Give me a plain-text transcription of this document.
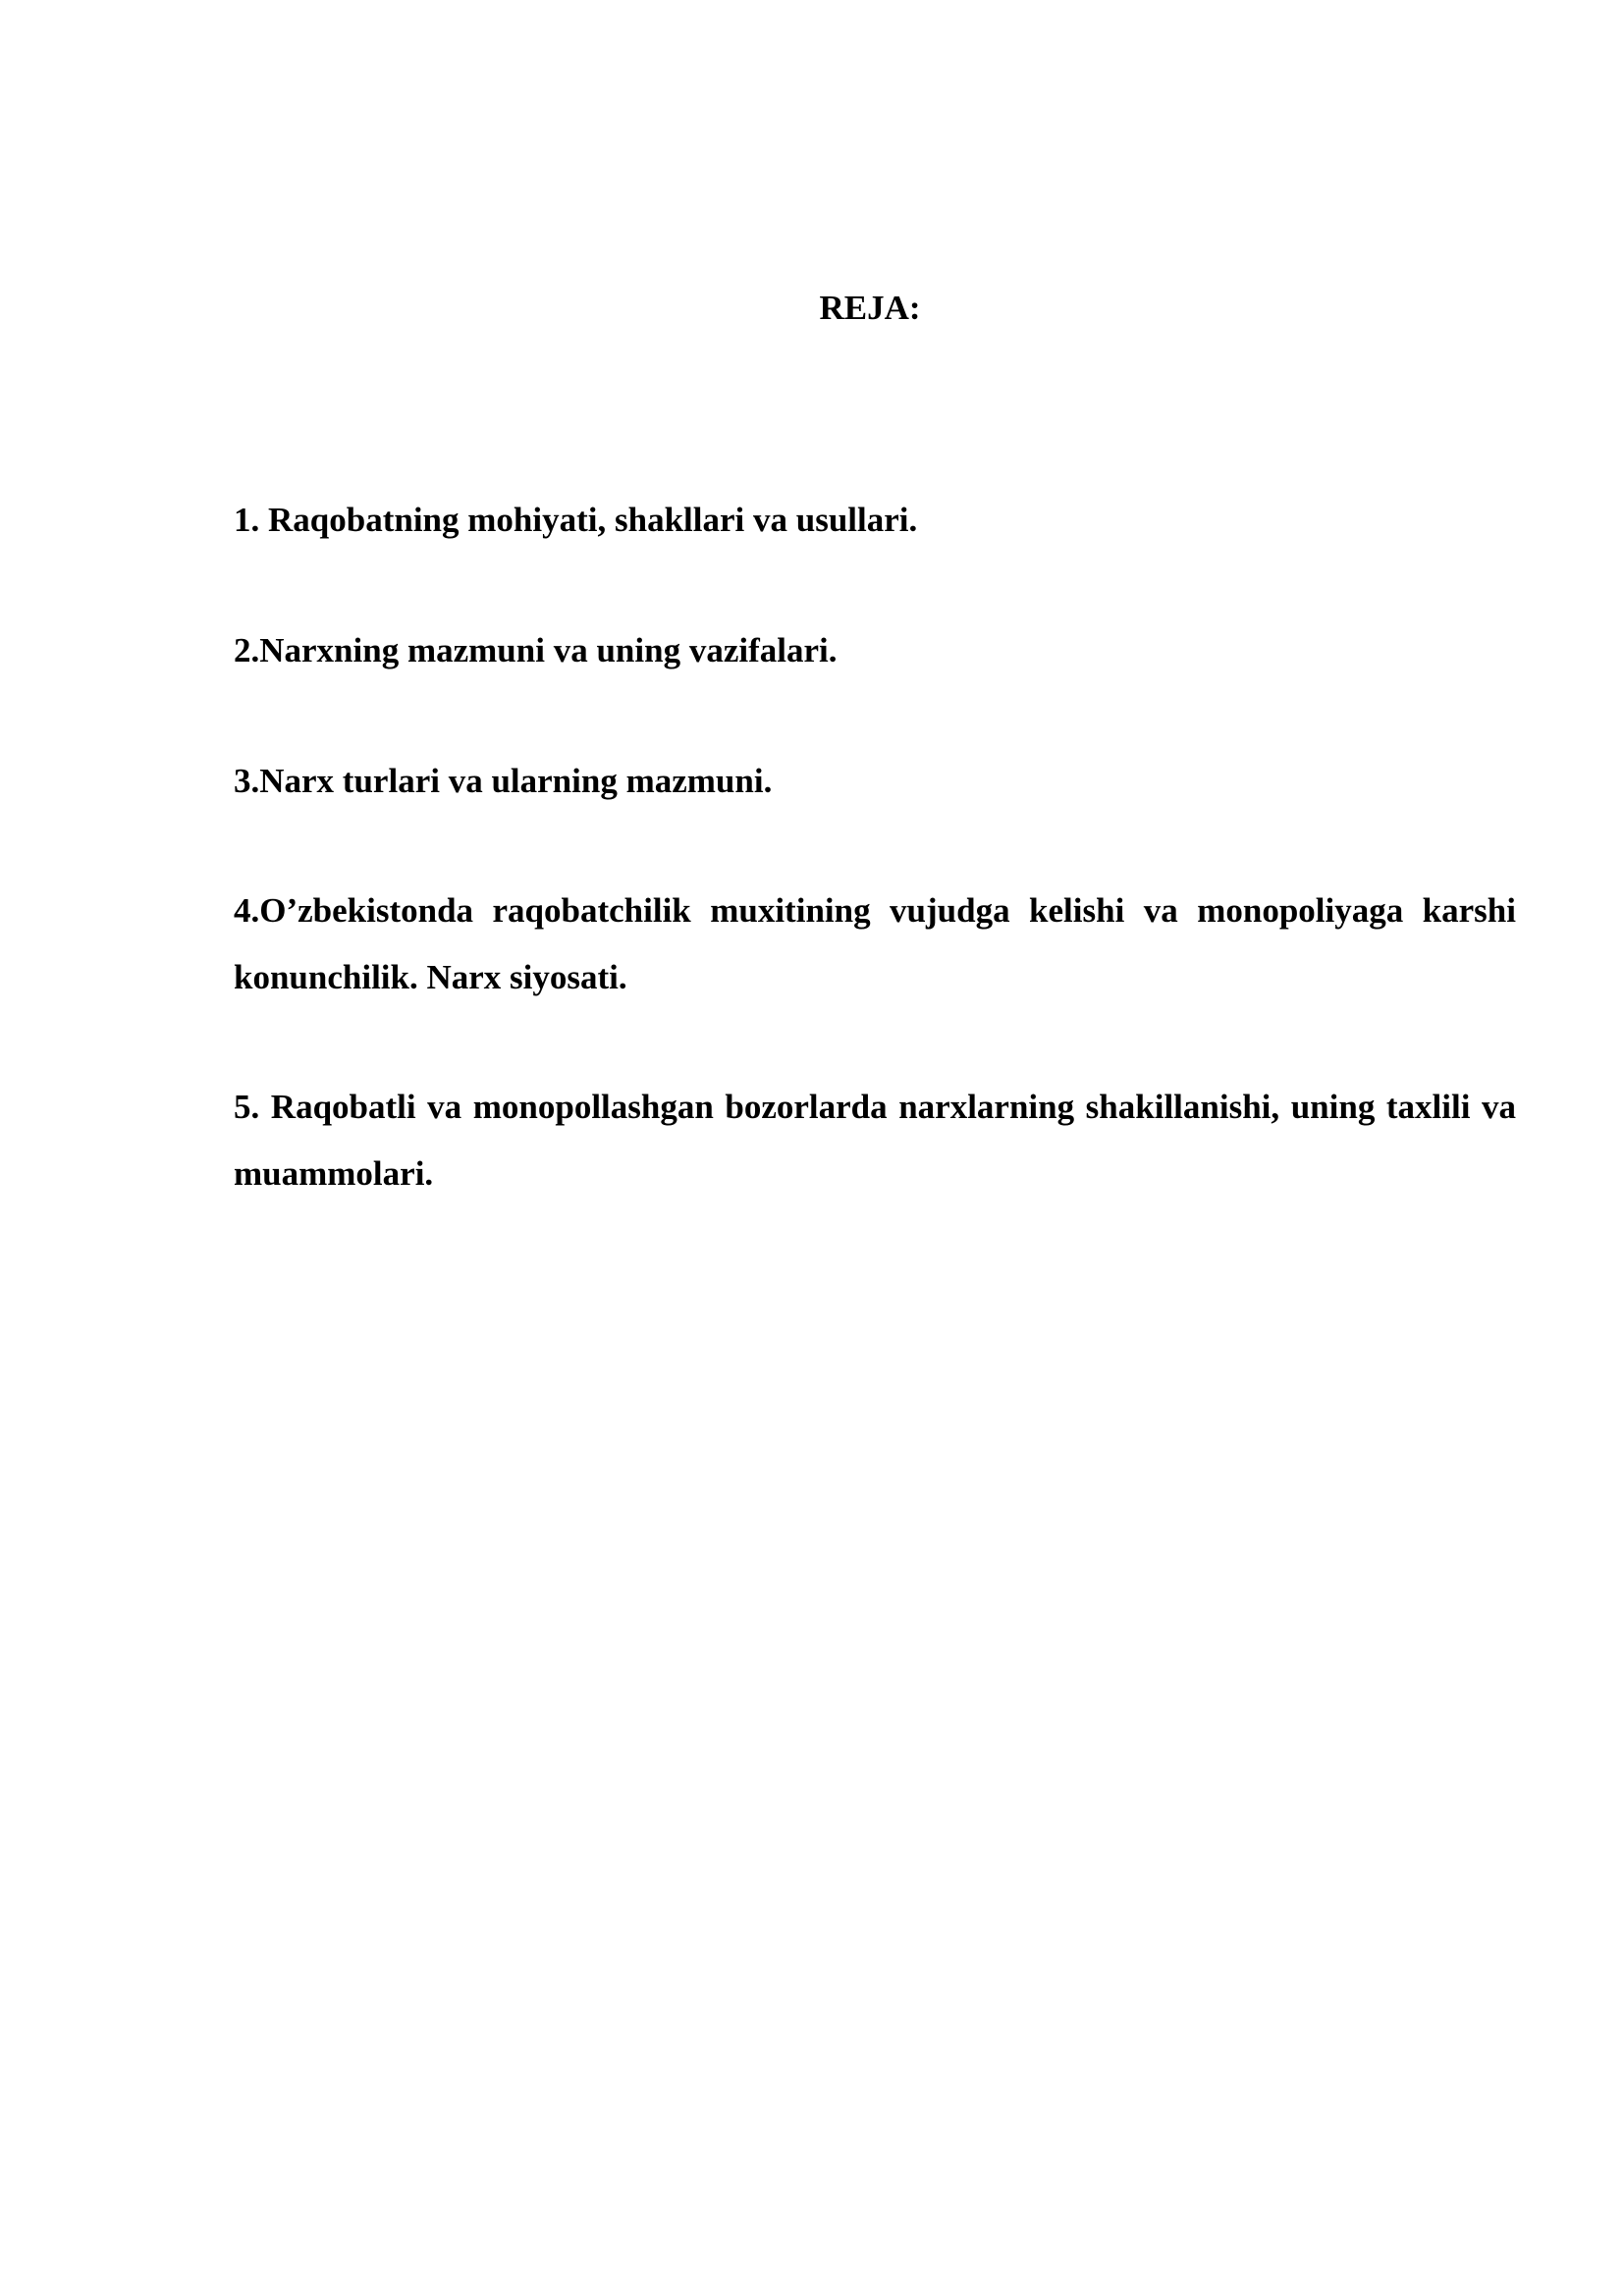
REJA:
1. Raqobatning mohiyati, shakllari va usullari.
2.Narxning mazmuni va uning vazifalari.
3.Narx turlari va ularning mazmuni.
4.O’zbekistonda raqobatchilik muxitining vujudga kelishi va monopoliyaga karshi konunchilik. Narx siyosati.
5. Raqobatli va monopollashgan bozorlarda narxlarning shakillanishi, uning taxlili va muammolari.
